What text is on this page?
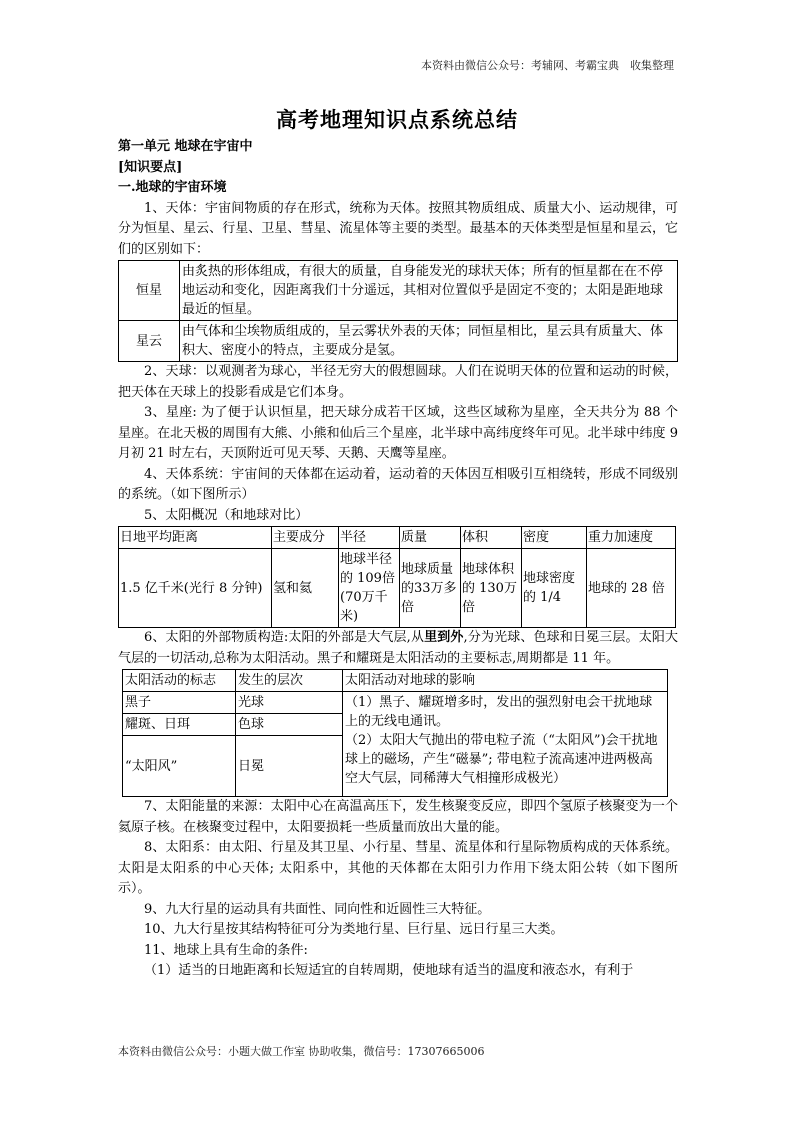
本资料由微信公众号：考辅网、考霸宝典　收集整理
高考地理知识点系统总结

第一单元 地球在宇宙中

[知识要点]

一.地球的宇宙环境

1、天体：宇宙间物质的存在形式，统称为天体。按照其物质组成、质量大小、运动规律，可分为恒星、星云、行星、卫星、彗星、流星体等主要的类型。最基本的天体类型是恒星和星云，它们的区别如下：

恒星	由炙热的形体组成，有很大的质量，自身能发光的球状天体；所有的恒星都在在不停地运动和变化，因距离我们十分遥远，其相对位置似乎是固定不变的；太阳是距地球最近的恒星。
星云	由气体和尘埃物质组成的，呈云雾状外表的天体；同恒星相比，星云具有质量大、体积大、密度小的特点，主要成分是氢。

2、天球：以观测者为球心，半径无穷大的假想圆球。人们在说明天体的位置和运动的时候，把天体在天球上的投影看成是它们本身。

3、星座: 为了便于认识恒星，把天球分成若干区域，这些区域称为星座，全天共分为 88 个星座。在北天极的周围有大熊、小熊和仙后三个星座，北半球中高纬度终年可见。北半球中纬度 9 月初 21 时左右，天顶附近可见天琴、天鹅、天鹰等星座。

4、天体系统：宇宙间的天体都在运动着，运动着的天体因互相吸引互相绕转，形成不同级别的系统。（如下图所示）

5、太阳概况（和地球对比）

日地平均距离	主要成分	半径	质量	体积	密度	重力加速度
1.5 亿千米(光行 8 分钟)	氢和氦	地球半径的 109倍(70万千米)	地球质量的33万多倍	地球体积的 130万倍	地球密度的 1/4	地球的 28 倍

6、太阳的外部物质构造:太阳的外部是大气层,从里到外,分为光球、色球和日冕三层。太阳大气层的一切活动,总称为太阳活动。黑子和耀斑是太阳活动的主要标志,周期都是 11 年。

太阳活动的标志	发生的层次	太阳活动对地球的影响
黑子	光球	（1）黑子、耀斑增多时，发出的强烈射电会干扰地球上的无线电通讯。
（2）太阳大气抛出的带电粒子流（“太阳风”)会干扰地球上的磁场，产生“磁暴”; 带电粒子流高速冲进两极高空大气层，同稀薄大气相撞形成极光）

耀斑、日珥	色球	
“太阳风”	日冕	

7、太阳能量的来源：太阳中心在高温高压下，发生核聚变反应，即四个氢原子核聚变为一个氦原子核。在核聚变过程中，太阳要损耗一些质量而放出大量的能。

8、太阳系：由太阳、行星及其卫星、小行星、彗星、流星体和行星际物质构成的天体系统。太阳是太阳系的中心天体; 太阳系中，其他的天体都在太阳引力作用下绕太阳公转（如下图所示）。

9、九大行星的运动具有共面性、同向性和近圆性三大特征。

10、九大行星按其结构特征可分为类地行星、巨行星、远日行星三大类。

11、地球上具有生命的条件:

（1）适当的日地距离和长短适宜的自转周期，使地球有适当的温度和液态水，有利于

本资料由微信公众号：小题大做工作室 协助收集，微信号：17307665006
